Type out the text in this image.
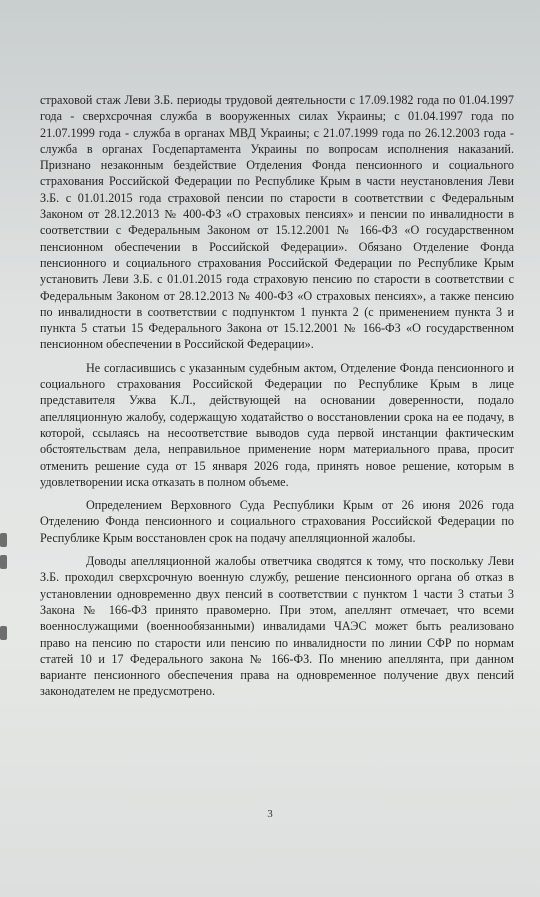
страховой стаж Леви З.Б. периоды трудовой деятельности с 17.09.1982 года по 01.04.1997 года - сверхсрочная служба в вооруженных силах Украины; с 01.04.1997 года по 21.07.1999 года - служба в органах МВД Украины; с 21.07.1999 года по 26.12.2003 года - служба в органах Госдепартамента Украины по вопросам исполнения наказаний. Признано незаконным бездействие Отделения Фонда пенсионного и социального страхования Российской Федерации по Республике Крым в части неустановления Леви З.Б. с 01.01.2015 года страховой пенсии по старости в соответствии с Федеральным Законом от 28.12.2013 № 400-ФЗ «О страховых пенсиях» и пенсии по инвалидности в соответствии с Федеральным Законом от 15.12.2001 № 166-ФЗ «О государственном пенсионном обеспечении в Российской Федерации». Обязано Отделение Фонда пенсионного и социального страхования Российской Федерации по Республике Крым установить Леви З.Б. с 01.01.2015 года страховую пенсию по старости в соответствии с Федеральным Законом от 28.12.2013 № 400-ФЗ «О страховых пенсиях», а также пенсию по инвалидности в соответствии с подпунктом 1 пункта 2 (с применением пункта 3 и пункта 5 статьи 15 Федерального Закона от 15.12.2001 № 166-ФЗ «О государственном пенсионном обеспечении в Российской Федерации».

Не согласившись с указанным судебным актом, Отделение Фонда пенсионного и социального страхования Российской Федерации по Республике Крым в лице представителя Ужва К.Л., действующей на основании доверенности, подало апелляционную жалобу, содержащую ходатайство о восстановлении срока на ее подачу, в которой, ссылаясь на несоответствие выводов суда первой инстанции фактическим обстоятельствам дела, неправильное применение норм материального права, просит отменить решение суда от 15 января 2026 года, принять новое решение, которым в удовлетворении иска отказать в полном объеме.

Определением Верховного Суда Республики Крым от 26 июня 2026 года Отделению Фонда пенсионного и социального страхования Российской Федерации по Республике Крым восстановлен срок на подачу апелляционной жалобы.

Доводы апелляционной жалобы ответчика сводятся к тому, что поскольку Леви З.Б. проходил сверхсрочную военную службу, решение пенсионного органа об отказ в установлении одновременно двух пенсий в соответствии с пунктом 1 части 3 статьи 3 Закона № 166-ФЗ принято правомерно. При этом, апеллянт отмечает, что всеми военнослужащими (военнообязанными) инвалидами ЧАЭС может быть реализовано право на пенсию по старости или пенсию по инвалидности по линии СФР по нормам статей 10 и 17 Федерального закона № 166-ФЗ. По мнению апеллянта, при данном варианте пенсионного обеспечения права на одновременное получение двух пенсий законодателем не предусмотрено.

3
